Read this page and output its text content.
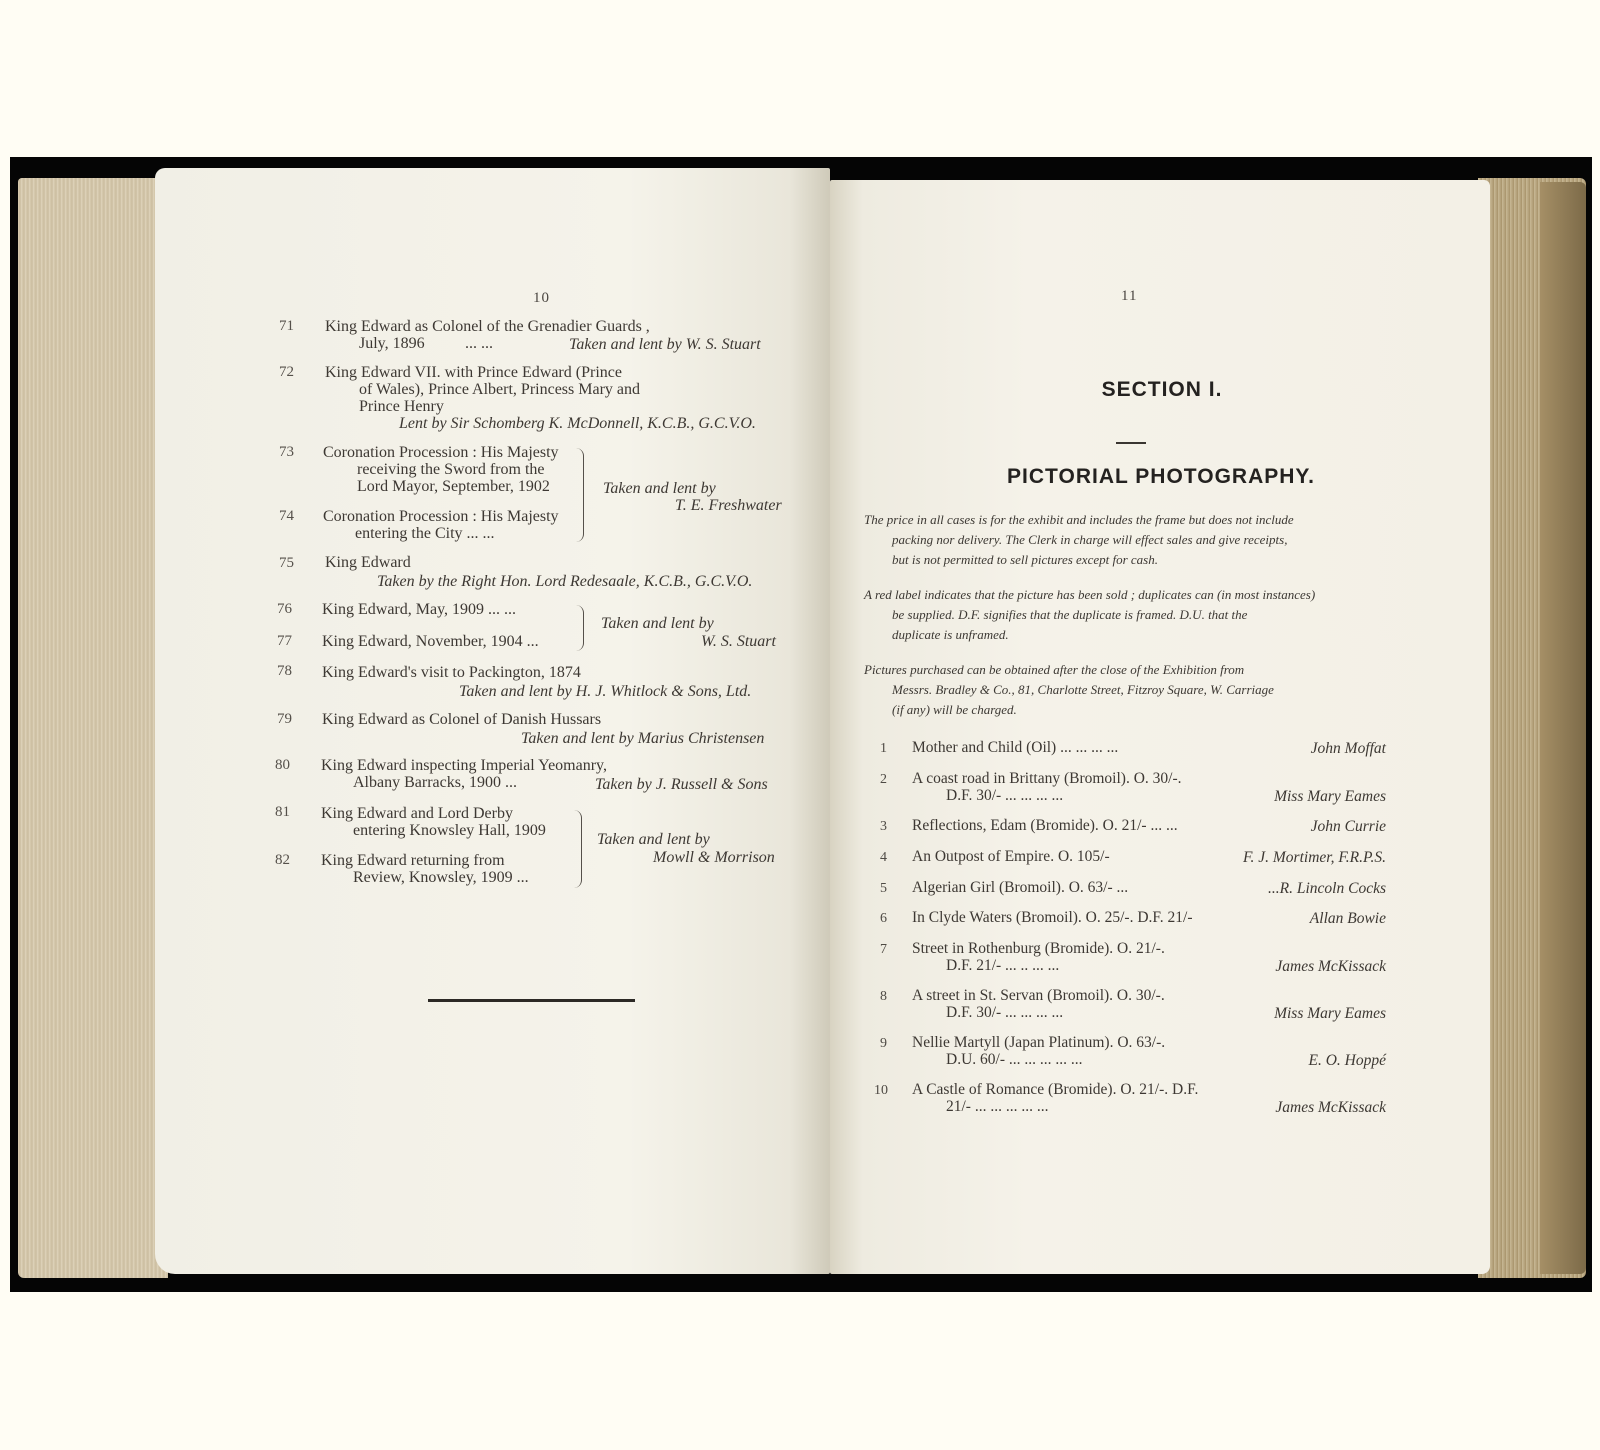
10
71 King Edward as Colonel of the Grenadier Guards ,
July, 1896	... ...	Taken and lent by W. S. Stuart
72 King Edward VII. with Prince Edward (Prince
of Wales), Prince Albert, Princess Mary and
Prince Henry
Lent by Sir Schomberg K. McDonnell, K.C.B., G.C.V.O.
73 Coronation Procession : His Majesty
receiving the Sword from the
Lord Mayor, September, 1902
74 Coronation Procession : His Majesty
entering the City ... ...
Taken and lent by
T. E. Freshwater
75 King Edward
Taken by the Right Hon. Lord Redesaale, K.C.B., G.C.V.O.
76 King Edward, May, 1909 ... ...
77 King Edward, November, 1904 ...
Taken and lent by
W. S. Stuart
78 King Edward's visit to Packington, 1874
Taken and lent by H. J. Whitlock & Sons, Ltd.
79 King Edward as Colonel of Danish Hussars
Taken and lent by Marius Christensen
80 King Edward inspecting Imperial Yeomanry,
Albany Barracks, 1900 ...	Taken by J. Russell & Sons
81 King Edward and Lord Derby
entering Knowsley Hall, 1909
82 King Edward returning from
Review, Knowsley, 1909 ...
Taken and lent by
Mowll & Morrison
11
SECTION I.
PICTORIAL PHOTOGRAPHY.
The price in all cases is for the exhibit and includes the frame but does not include
packing nor delivery. The Clerk in charge will effect sales and give receipts,
but is not permitted to sell pictures except for cash.
A red label indicates that the picture has been sold ; duplicates can (in most instances)
be supplied. D.F. signifies that the duplicate is framed. D.U. that the
duplicate is unframed.
Pictures purchased can be obtained after the close of the Exhibition from
Messrs. Bradley & Co., 81, Charlotte Street, Fitzroy Square, W. Carriage
(if any) will be charged.
1 Mother and Child (Oil) ... ... ... ...	John Moffat
2 A coast road in Brittany (Bromoil). O. 30/-.
D.F. 30/- ... ... ... ...	Miss Mary Eames
3 Reflections, Edam (Bromide). O. 21/- ... ...	John Currie
4 An Outpost of Empire. O. 105/-	F. J. Mortimer, F.R.P.S.
5 Algerian Girl (Bromoil). O. 63/- ...	...R. Lincoln Cocks
6 In Clyde Waters (Bromoil). O. 25/-. D.F. 21/-	Allan Bowie
7 Street in Rothenburg (Bromide). O. 21/-.
D.F. 21/- ... .. ... ...	James McKissack
8 A street in St. Servan (Bromoil). O. 30/-.
D.F. 30/- ... ... ... ...	Miss Mary Eames
9 Nellie Martyll (Japan Platinum). O. 63/-.
D.U. 60/- ... ... ... ... ...	E. O. Hoppé
10 A Castle of Romance (Bromide). O. 21/-. D.F.
21/- ... ... ... ... ...	James McKissack
